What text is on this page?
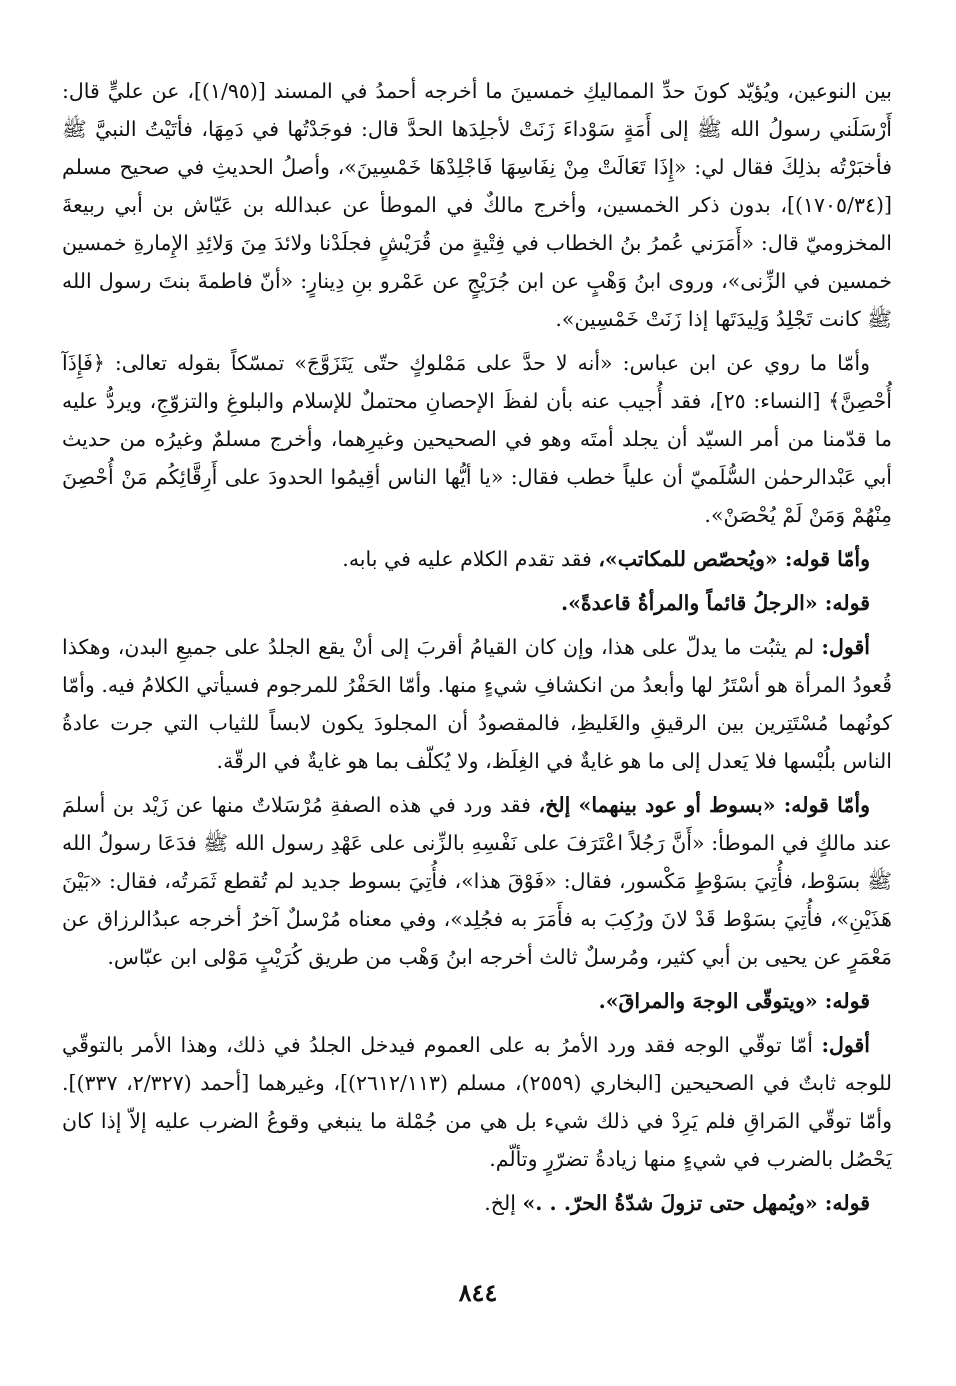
بين النوعين، ويُؤيّد كونَ حدِّ المماليكِ خمسينَ ما أخرجه أحمدُ في المسند [(١/٩٥)]، عن عليٍّ قال: أَرْسَلَني رسولُ الله ﷺ إلى أَمَةٍ سَوْداءَ زَنَتْ لأجلِدَها الحدَّ قال: فوجَدْتُها في دَمِهَا، فأتَيْتُ النبيَّ ﷺ فأخبَرْتُه بذلِكَ فقال لي: «إِذَا تَعَالَتْ مِنْ نِفَاسِهَا فَاجْلِدْهَا خَمْسِينَ»، وأصلُ الحديثِ في صحيح مسلم [(١٧٠٥/٣٤)]، بدون ذكر الخمسين، وأخرج مالكٌ في الموطأ عن عبدالله بن عَيّاش بن أبي ربيعةَ المخزوميّ قال: «أَمَرَني عُمرُ بنُ الخطاب في فِتْيةٍ من قُرَيْشٍ فجلَدْنا ولائدَ مِنَ وَلائِدِ الإِمارةِ خمسين خمسين في الزِّنى»، وروى ابنُ وَهْبٍ عن ابن جُرَيْجٍ عن عَمْرو بنِ دِينارٍ: «أنّ فاطمةَ بنتَ رسول الله ﷺ كانت تَجْلِدُ وَلِيدَتَها إذا زَنَتْ خَمْسِين».

وأمّا ما روي عن ابن عباس: «أنه لا حدَّ على مَمْلوكٍ حتّى يَتَزَوَّجَ» تمسّكاً بقوله تعالى: ﴿فَإِذَآ أُحْصِنَّ﴾ [النساء: ٢٥]، فقد أُجيب عنه بأن لفظَ الإحصانِ محتملٌ للإسلام والبلوغِ والتزوّجِ، ويردُّ عليه ما قدّمنا من أمر السيّد أن يجلد أمتَه وهو في الصحيحين وغيرِهما، وأخرج مسلمٌ وغيرُه من حديث أبي عَبْدالرحمٰن السُّلَميّ أن علياً خطب فقال: «يا أيُّها الناس أقِيمُوا الحدودَ على أَرِقَّائِكُم مَنْ أُحْصِنَ مِنْهُمْ وَمَنْ لَمْ يُحْصَنْ».

وأمّا قوله: «ويُحصّص للمكاتب»، فقد تقدم الكلام عليه في بابه.

قوله: «الرجلُ قائماً والمرأةُ قاعدةً».

أقول: لم يثبُت ما يدلّ على هذا، وإن كان القيامُ أقربَ إلى أنْ يقع الجلدُ على جميعِ البدن، وهكذا قُعودُ المرأة هو أسْتَرُ لها وأبعدُ من انكشافِ شيءٍ منها. وأمّا الحَفْرُ للمرجوم فسيأتي الكلامُ فيه. وأمّا كونُهما مُسْتَتِرين بين الرقيقِ والغَليظِ، فالمقصودُ أن المجلودَ يكون لابساً للثياب التي جرت عادةُ الناس بلُبْسها فلا يَعدل إلى ما هو غايةٌ في الغِلَظ، ولا يُكلّف بما هو غايةٌ في الرقّة.

وأمّا قوله: «بسوط أو عود بينهما» إلخ، فقد ورد في هذه الصفةِ مُرْسَلاتٌ منها عن زَيْد بن أسلمَ عند مالكٍ في الموطأ: «أَنَّ رَجُلاً اعْتَرَفَ على نَفْسِهِ بالزِّنى على عَهْدِ رسول الله ﷺ فدَعَا رسولُ الله ﷺ بسَوْط، فأُتِيَ بسَوْطٍ مَكْسور، فقال: «فَوْقَ هذا»، فأُتِيَ بسوط جديد لم تُقطع ثَمَرتُه، فقال: «بَيْنَ هَذَيْنِ»، فأُتِيَ بسَوْط قَدْ لانَ ورُكِبَ به فأَمَرَ به فجُلِد»، وفي معناه مُرْسلٌ آخرُ أخرجه عبدُالرزاق عن مَعْمَرٍ عن يحيى بن أبي كثير، ومُرسلٌ ثالث أخرجه ابنُ وَهْب من طريق كُرَيْبٍ مَوْلى ابن عبّاس.

قوله: «ويتوقّى الوجهَ والمراقَ».

أقول: أمّا توقّي الوجه فقد ورد الأمرُ به على العموم فيدخل الجلدُ في ذلك، وهذا الأمر بالتوقّي للوجه ثابتٌ في الصحيحين [البخاري (٢٥٥٩)، مسلم (٢٦١٢/١١٣)]، وغيرهما [أحمد (٢/٣٢٧، ٣٣٧)]. وأمّا توقّي المَراقِ فلم يَرِدْ في ذلك شيء بل هي من جُمْلة ما ينبغي وقوعُ الضرب عليه إلاّ إذا كان يَحْصُل بالضرب في شيءٍ منها زيادةُ تضرّرٍ وتألّم.

قوله: «ويُمهل حتى تزولَ شدّةُ الحرّ. . .» إلخ.

٨٤٤
